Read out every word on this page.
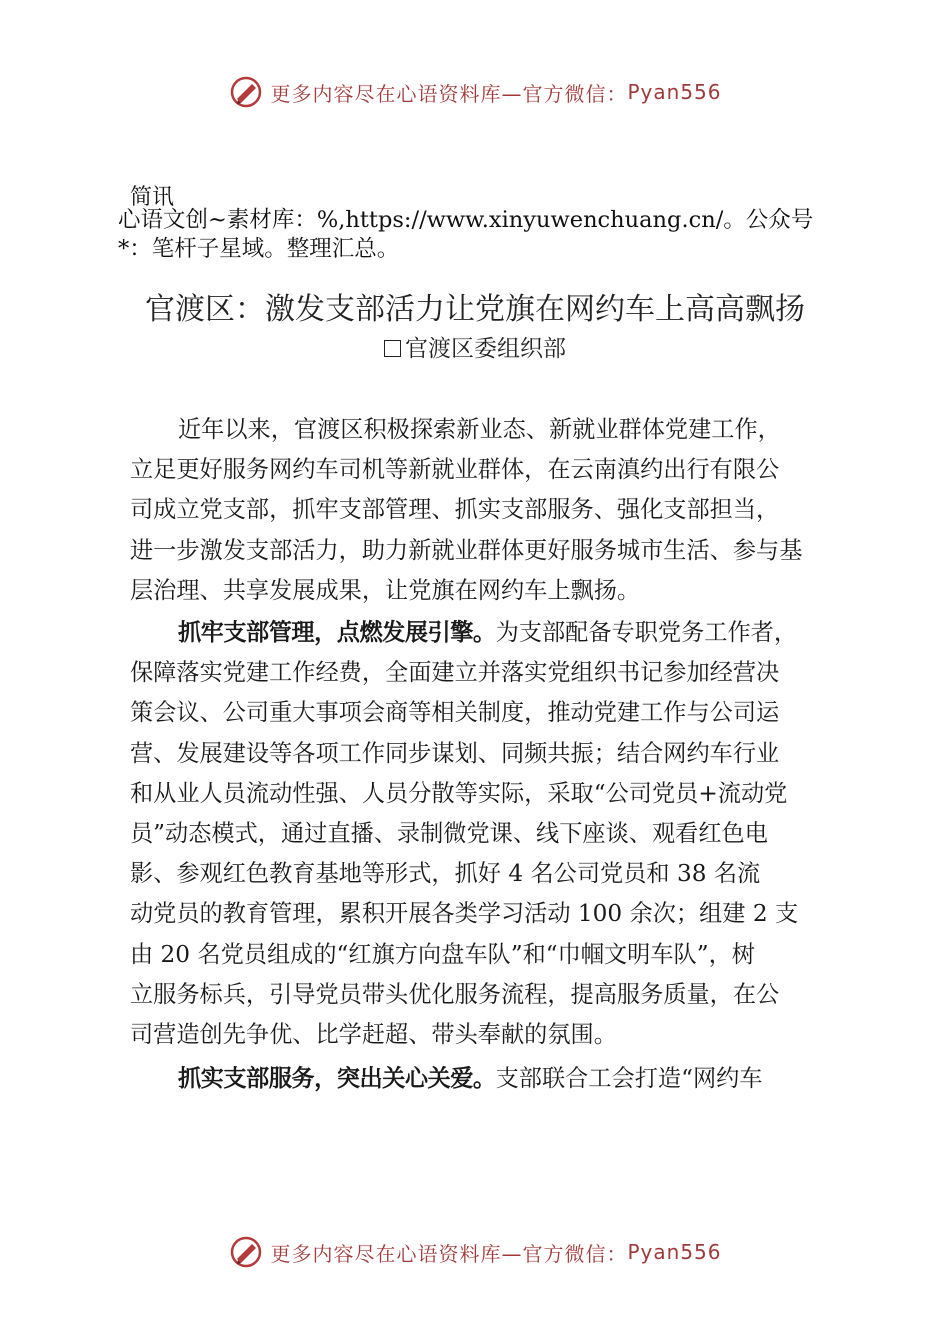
更多内容尽在心语资料库—官方微信： Pyan556
简讯
心语文创~素材库：%,https://www.xinyuwenchuang.cn/。公众号
*：笔杆子星域。整理汇总。
官渡区：激发支部活力让党旗在网约车上高高飘扬
官渡区委组织部
近年以来，官渡区积极探索新业态、新就业群体党建工作，
立足更好服务网约车司机等新就业群体，在云南滇约出行有限公
司成立党支部，抓牢支部管理、抓实支部服务、强化支部担当，
进一步激发支部活力，助力新就业群体更好服务城市生活、参与基
层治理、共享发展成果，让党旗在网约车上飘扬。
抓牢支部管理，点燃发展引擎。为支部配备专职党务工作者，
保障落实党建工作经费，全面建立并落实党组织书记参加经营决
策会议、公司重大事项会商等相关制度，推动党建工作与公司运
营、发展建设等各项工作同步谋划、同频共振；结合网约车行业
和从业人员流动性强、人员分散等实际，采取“公司党员+流动党
员”动态模式，通过直播、录制微党课、线下座谈、观看红色电
影、参观红色教育基地等形式，抓好 4 名公司党员和 38 名流
动党员的教育管理，累积开展各类学习活动 100 余次；组建 2 支
由 20 名党员组成的“红旗方向盘车队”和“巾帼文明车队”，树
立服务标兵，引导党员带头优化服务流程，提高服务质量，在公
司营造创先争优、比学赶超、带头奉献的氛围。
抓实支部服务，突出关心关爱。支部联合工会打造“网约车
更多内容尽在心语资料库—官方微信： Pyan556
